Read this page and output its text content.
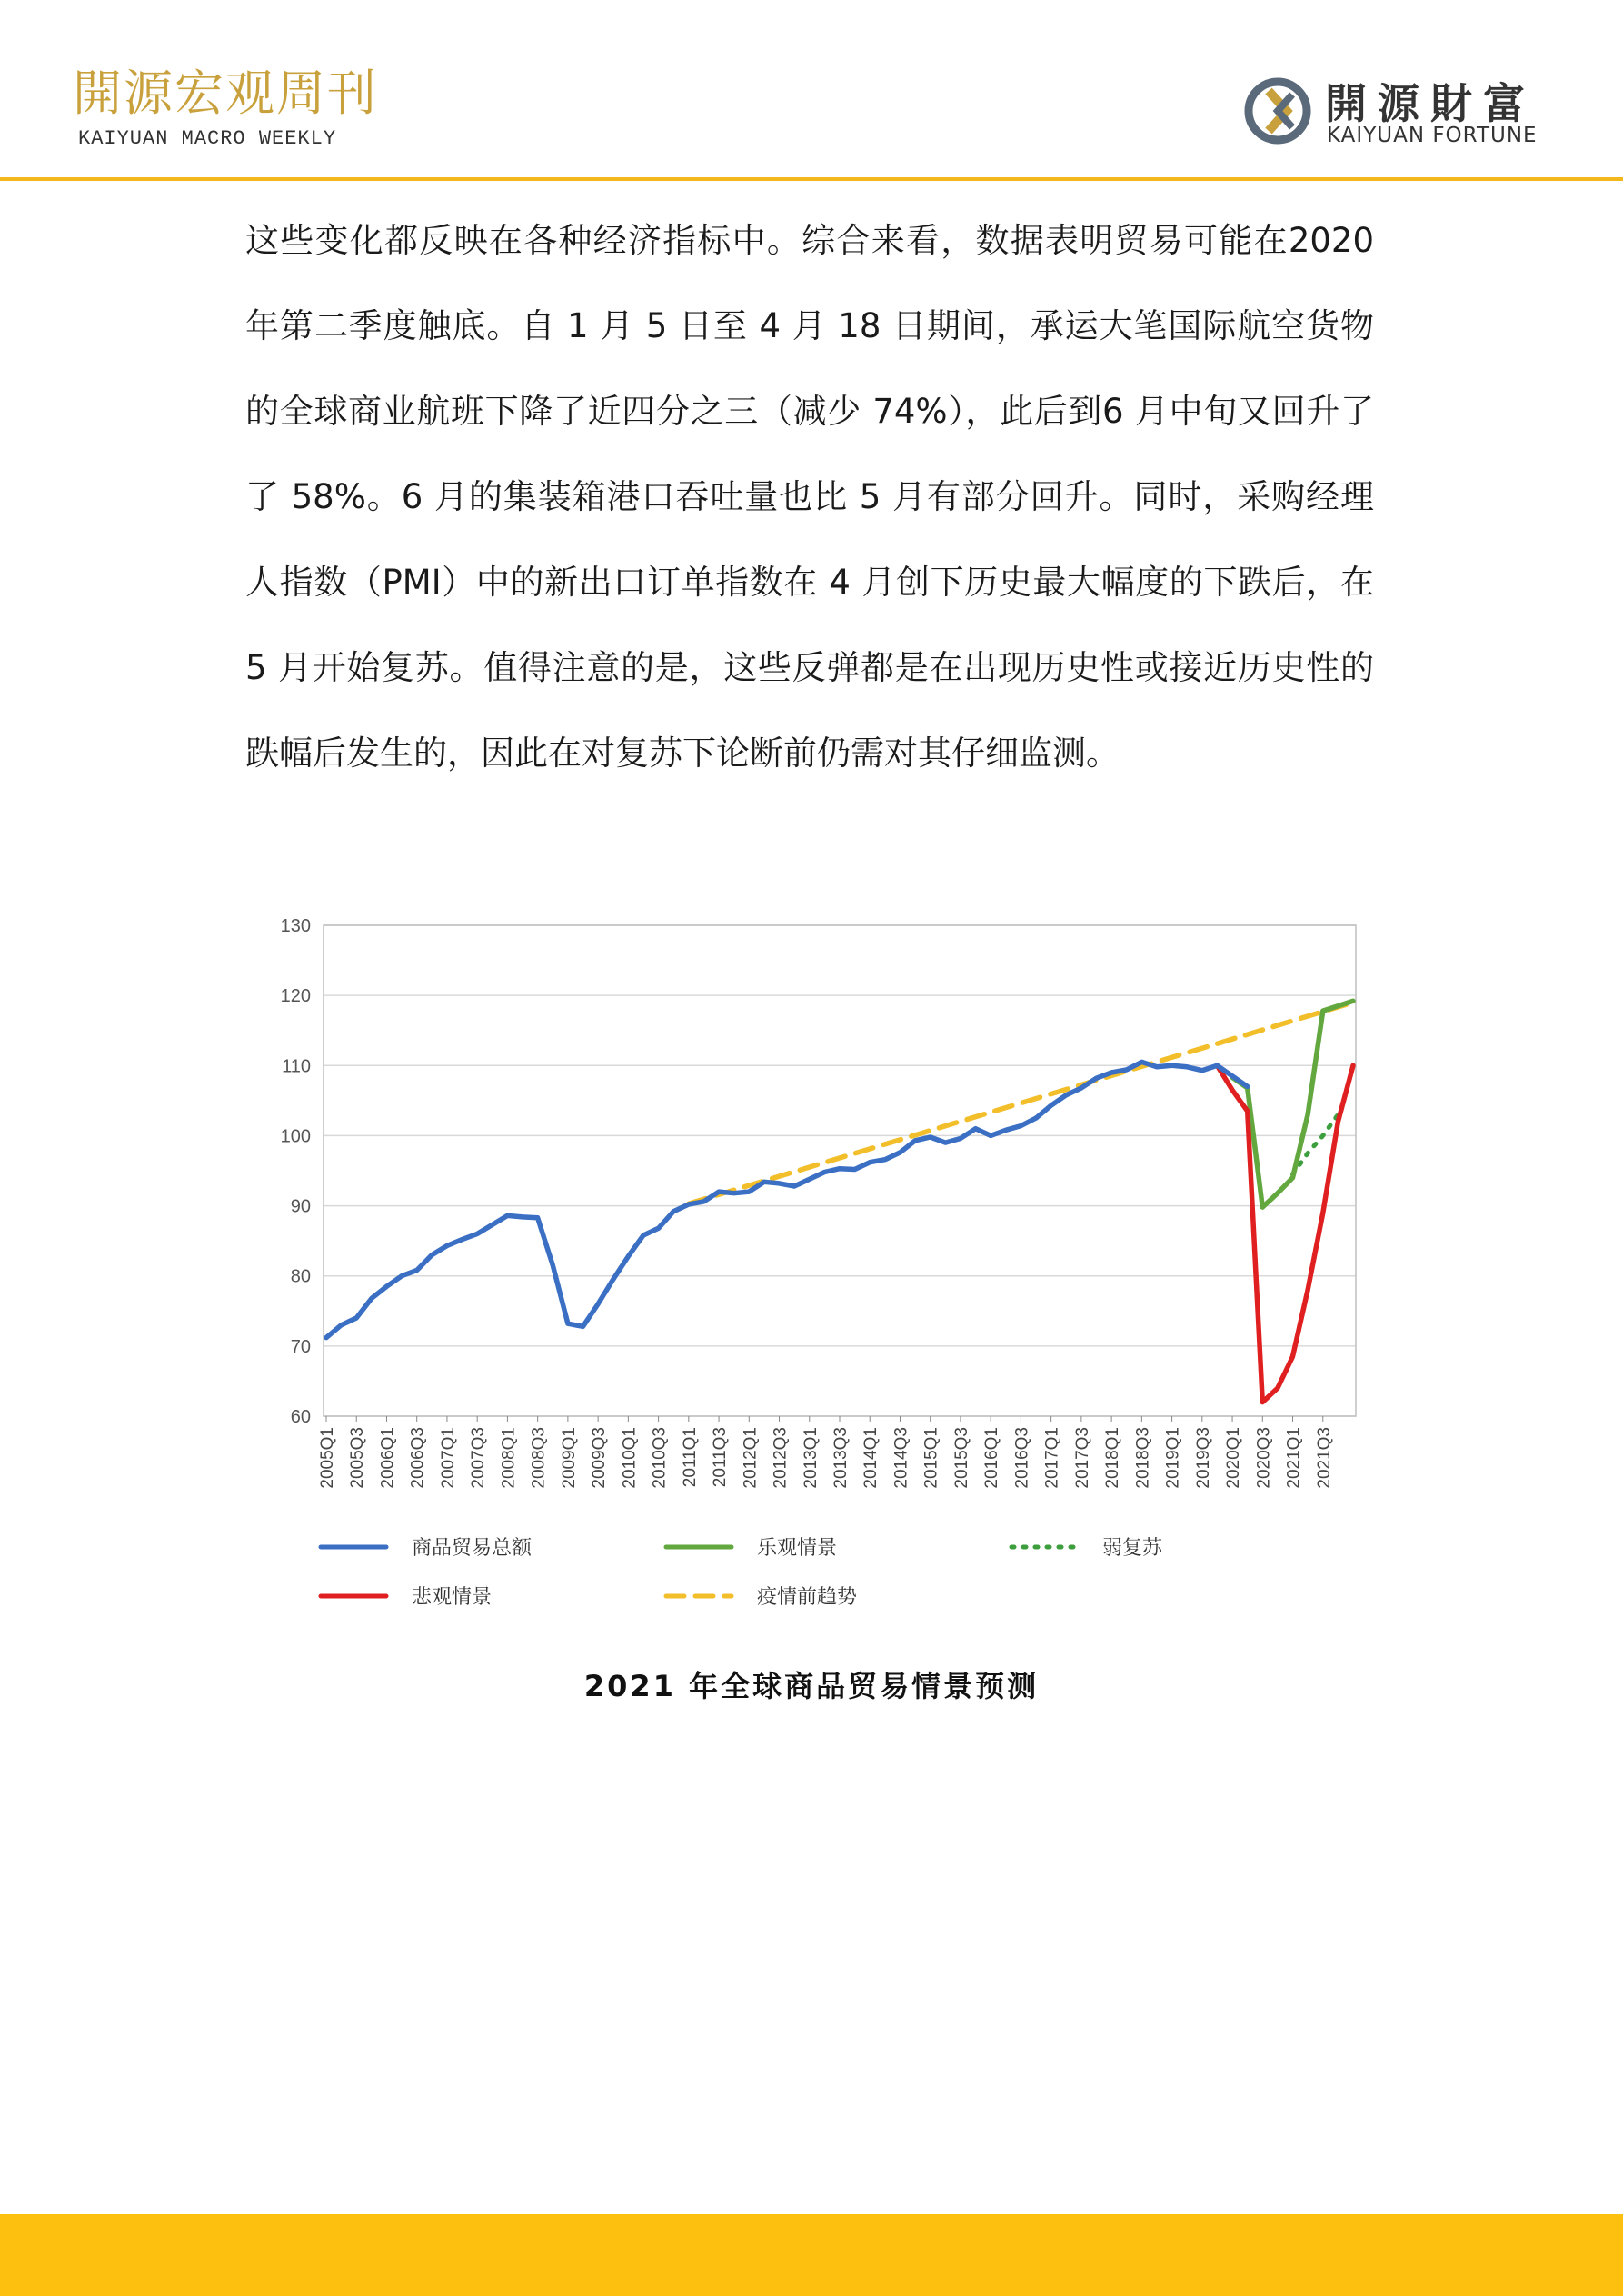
開源宏观周刊
KAIYUAN MACRO WEEKLY
開源財富
KAIYUAN FORTUNE

这些变化都反映在各种经济指标中。综合来看，数据表明贸易可能在2020 年第二季度触底。自 1 月 5 日至 4 月 18 日期间，承运大笔国际航空货物的全球商业航班下降了近四分之三（减少 74%），此后到6 月中旬又回升了了 58%。6 月的集装箱港口吞吐量也比 5 月有部分回升。同时，采购经理人指数（PMI）中的新出口订单指数在 4 月创下历史最大幅度的下跌后，在 5 月开始复苏。值得注意的是，这些反弹都是在出现历史性或接近历史性的跌幅后发生的，因此在对复苏下论断前仍需对其仔细监测。

60
70
80
90
100
110
120
130
2005Q1 2005Q3 2006Q1 2006Q3 2007Q1 2007Q3 2008Q1 2008Q3 2009Q1 2009Q3 2010Q1 2010Q3 2011Q1 2011Q3 2012Q1 2012Q3 2013Q1 2013Q3 2014Q1 2014Q3 2015Q1 2015Q3 2016Q1 2016Q3 2017Q1 2017Q3 2018Q1 2018Q3 2019Q1 2019Q3 2020Q1 2020Q3 2021Q1 2021Q3
商品贸易总额	乐观情景	弱复苏
悲观情景	疫情前趋势
2021 年全球商品贸易情景预测
